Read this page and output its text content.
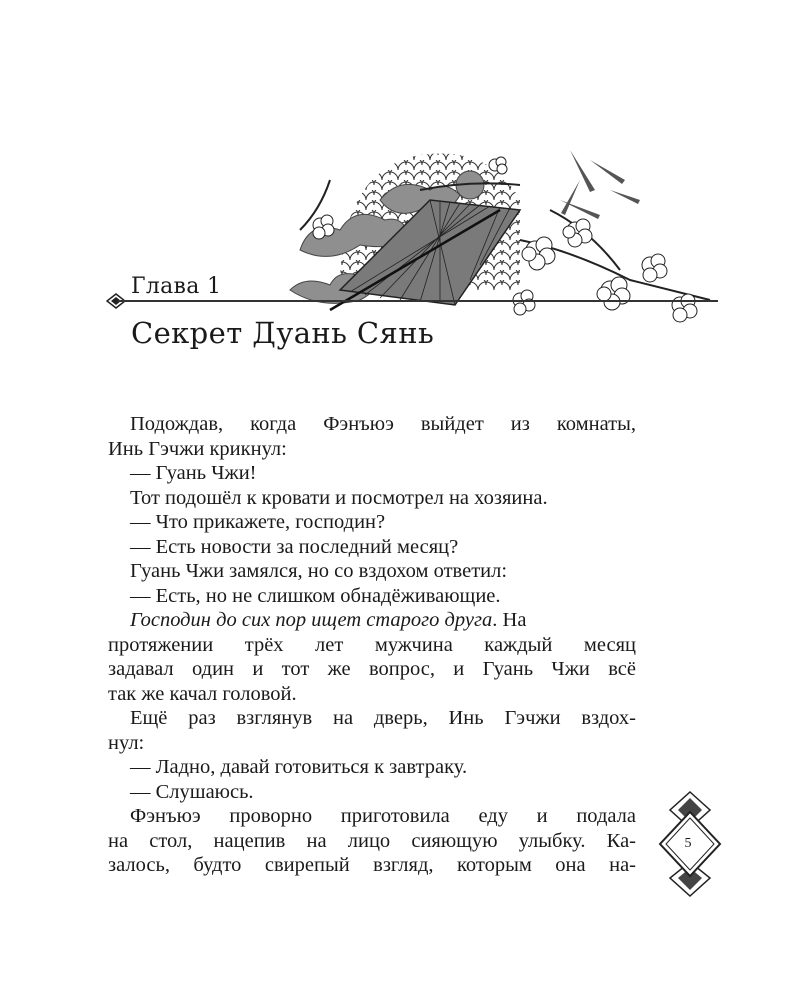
Глава 1
Секрет Дуань Сянь
Подождав, когда Фэнъюэ выйдет из комнаты,
Инь Гэчжи крикнул:
— Гуань Чжи!
Тот подошёл к кровати и посмотрел на хозяина.
— Что прикажете, господин?
— Есть новости за последний месяц?
Гуань Чжи замялся, но со вздохом ответил:
— Есть, но не слишком обнадёживающие.
Господин до сих пор ищет старого друга. На
протяжении трёх лет мужчина каждый месяц
задавал один и тот же вопрос, и Гуань Чжи всё
так же качал головой.
Ещё раз взглянув на дверь, Инь Гэчжи вздох-
нул:
— Ладно, давай готовиться к завтраку.
— Слушаюсь.
Фэнъюэ проворно приготовила еду и подала
на стол, нацепив на лицо сияющую улыбку. Ка-
залось, будто свирепый взгляд, которым она на-
5
